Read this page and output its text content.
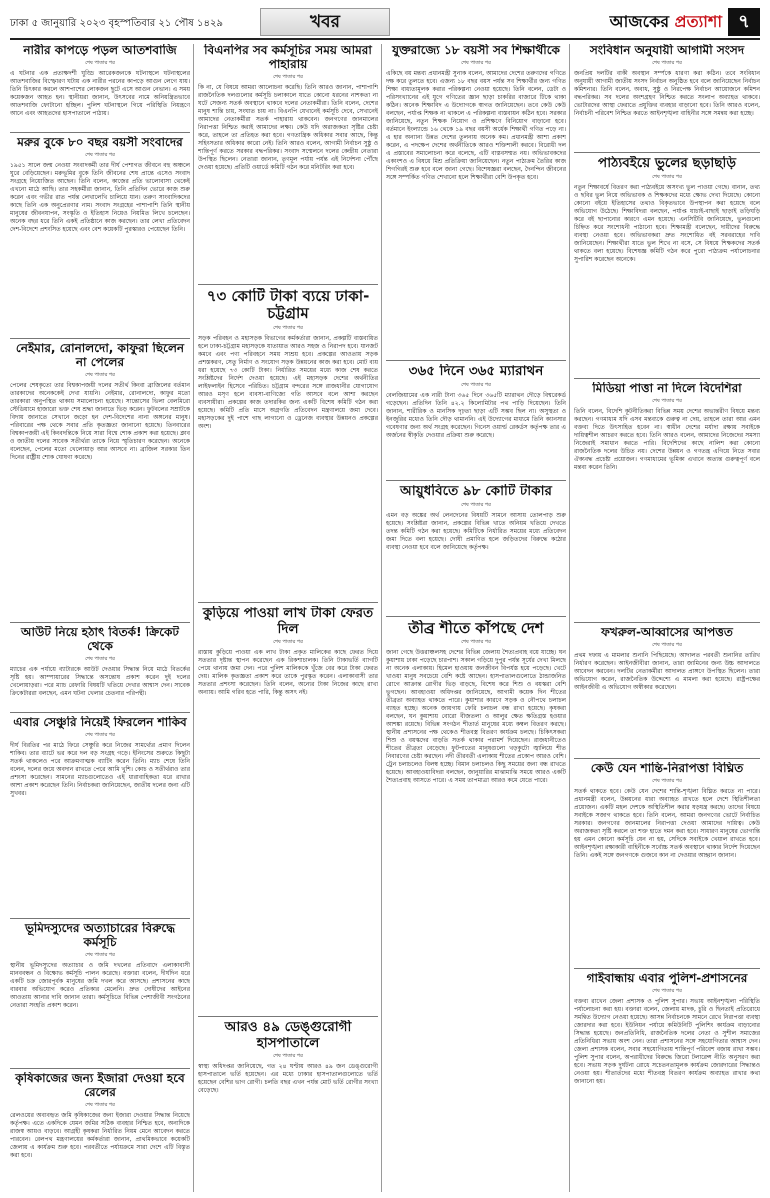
ঢাকা ৫ জানুয়ারি ২০২৩ বৃহস্পতিবার ২১ পৌষ ১৪২৯	খবর	আজকের প্রত্যাশা ৭
নারীর কাপড়ে পড়ল আতশবাজি
শেষ পাতার পর

এ ঘটনার এক প্রত্যক্ষদর্শী ঘুড্ডি আরেকজনকে ঘটনাস্থলে ঘটনাস্থলের আতশবাজির বিস্ফোরণ ঘটায় এক নারীর পরনের কাপড়ে আগুন লেগে যায়। তিনি চিৎকার করলে আশপাশের লোকজন ছুটে এসে আগুন নেভান। এ সময় কয়েকজন আহত হন। স্থানীয়রা জানান, উৎসবের নামে অনিয়ন্ত্রিতভাবে আতশবাজি ফোটানো হচ্ছিল। পুলিশ ঘটনাস্থলে গিয়ে পরিস্থিতি নিয়ন্ত্রণে আনে এবং আহতদের হাসপাতালে পাঠায়।

মরুর বুকে ৮০ বছর বয়সী সংবাদের
শেষ পাতার পর

১৯৫১ সালে জন্ম নেওয়া সংবাদকর্মী তার দীর্ঘ পেশাগত জীবনে বহু অঞ্চলে ঘুরে বেড়িয়েছেন। মরুভূমির বুকে তিনি জীবনের শেষ প্রান্তে এসেও সংবাদ সংগ্রহে নিয়োজিত আছেন। তিনি বলেন, কাজের প্রতি ভালোবাসা থেকেই এখনো মাঠে আছি। তার সহকর্মীরা জানান, তিনি প্রতিদিন ভোরে কাজ শুরু করেন এবং গভীর রাত পর্যন্ত লেখালেখি চালিয়ে যান। তরুণ সাংবাদিকদের কাছে তিনি এক অনুপ্রেরণার নাম। সংবাদ সংগ্রহের পাশাপাশি তিনি স্থানীয় মানুষের জীবনযাপন, সংস্কৃতি ও ইতিহাস নিয়েও নিয়মিত লিখে চলেছেন। অনেক বছর ধরে তিনি একই প্রতিষ্ঠানে কাজ করছেন। তার লেখা প্রতিবেদন দেশ-বিদেশে প্রশংসিত হয়েছে এবং বেশ কয়েকটি পুরস্কারও পেয়েছেন তিনি।

নেইমার, রোনালদো, কাফুরা ছিলেন না পেলের
শেষ পাতার পর

পেলের শেষকৃত্যে তার বিশ্বকাপজয়ী দলের সতীর্থ কিংবা ব্রাজিলের বর্তমান তারকাদের অনেককেই দেখা যায়নি। নেইমার, রোনালদো, কাফুর মতো তারকারা অনুপস্থিত থাকায় সমালোচনা হয়েছে। সান্তোসের ভিলা বেলমিরো স্টেডিয়ামে হাজারো ভক্ত শেষ শ্রদ্ধা জানাতে ভিড় করেন। ফুটবলের সম্রাটকে বিদায় জানাতে সেখানে জড়ো হন দেশ-বিদেশের নানা অঙ্গনের মানুষ। পরিবারের পক্ষ থেকে সবার প্রতি কৃতজ্ঞতা জানানো হয়েছে। তিনবারের বিশ্বকাপজয়ী এই কিংবদন্তিকে নিয়ে সারা বিশ্বে শোক প্রকাশ করা হয়েছে। ক্লাব ও জাতীয় দলের সাবেক সতীর্থরা তাকে নিয়ে স্মৃতিচারণ করেছেন। অনেকে বলেছেন, পেলের মতো খেলোয়াড় আর আসবে না। ব্রাজিল সরকার তিন দিনের রাষ্ট্রীয় শোক ঘোষণা করেছে।

আউট নিয়ে হঠাৎ বিতর্ক! ক্রিকেট থেকে
শেষ পাতার পর

ম্যাচের এক পর্যায়ে ব্যাটারকে আউট দেওয়ার সিদ্ধান্ত নিয়ে মাঠে বিতর্কের সৃষ্টি হয়। আম্পায়ারের সিদ্ধান্তে অসন্তোষ প্রকাশ করেন দুই দলের খেলোয়াড়রা। পরে ম্যাচ রেফারি বিষয়টি খতিয়ে দেখার আশ্বাস দেন। সাবেক ক্রিকেটাররা বলছেন, এমন ঘটনা খেলার চেতনার পরিপন্থী।

এবার সেঞ্চুরি নিয়েই ফিরলেন শাকিব
শেষ পাতার পর

দীর্ঘ বিরতির পর মাঠে ফিরে সেঞ্চুরি করে নিজের সামর্থ্যের প্রমাণ দিলেন শাকিব। তার ব্যাটে ভর করে দল বড় সংগ্রহ গড়ে। ইনিংসের শুরুতে কিছুটা সতর্ক থাকলেও পরে আক্রমণাত্মক ব্যাটিং করেন তিনি। ম্যাচ শেষে তিনি বলেন, দলের জয়ে অবদান রাখতে পেরে আমি খুশি। কোচ ও সতীর্থরাও তার প্রশংসা করেছেন। সামনের ম্যাচগুলোতেও এই ধারাবাহিকতা ধরে রাখার আশা প্রকাশ করেছেন তিনি। নির্বাচকরা জানিয়েছেন, জাতীয় দলের জন্য এটি সুখবর।

ভূমিদস্যুদের অত্যাচারের বিরুদ্ধে কর্মসূচি
শেষ পাতার পর

স্থানীয় ভূমিদস্যুদের অত্যাচার ও জমি দখলের প্রতিবাদে এলাকাবাসী মানববন্ধন ও বিক্ষোভ কর্মসূচি পালন করেছে। বক্তারা বলেন, দীর্ঘদিন ধরে একটি চক্র জোরপূর্বক মানুষের জমি দখল করে আসছে। প্রশাসনের কাছে বারবার অভিযোগ করেও প্রতিকার মেলেনি। দ্রুত দোষীদের আইনের আওতায় আনার দাবি জানান তারা। কর্মসূচিতে বিভিন্ন পেশাজীবী সংগঠনের নেতারা সংহতি প্রকাশ করেন।

কৃষিকাজের জন্য ইজারা দেওয়া হবে রেলের
শেষ পাতার পর

রেলওয়ের অব্যবহৃত জমি কৃষিকাজের জন্য ইজারা দেওয়ার সিদ্ধান্ত নিয়েছে কর্তৃপক্ষ। এতে একদিকে যেমন জমির সঠিক ব্যবহার নিশ্চিত হবে, অন্যদিকে রাজস্ব আয়ও বাড়বে। আগ্রহী কৃষকরা নির্ধারিত নিয়ম মেনে আবেদন করতে পারবেন। রেলপথ মন্ত্রণালয়ের কর্মকর্তারা জানান, প্রাথমিকভাবে কয়েকটি জেলায় এ কার্যক্রম শুরু হবে। পরবর্তীতে পর্যায়ক্রমে সারা দেশে এটি বিস্তৃত করা হবে।

বিএনপির সব কর্মসূচির সময় আমরা পাহারায়
শেষ পাতার পর

কি না, যে বিষয়ে আমরা আলোচনা করেছি। তিনি আরও জানান, পাশাপাশি রাজনৈতিক দলগুলোর কর্মসূচি চলাকালে যাতে কোনো ধরনের নাশকতা না ঘটে সেজন্য সতর্ক অবস্থানে থাকবে দলের নেতাকর্মীরা। তিনি বলেন, দেশের মানুষ শান্তি চায়, সংঘাত চায় না। বিএনপি যেখানেই কর্মসূচি দেবে, সেখানেই আমাদের নেতাকর্মীরা সতর্ক পাহারায় থাকবেন। জনগণের জানমালের নিরাপত্তা নিশ্চিত করাই আমাদের লক্ষ্য। কেউ যদি অরাজকতা সৃষ্টির চেষ্টা করে, তাহলে তা প্রতিহত করা হবে। গণতান্ত্রিক অধিকার সবার আছে, কিন্তু সহিংসতার অধিকার কারো নেই। তিনি আরও বলেন, আগামী নির্বাচন সুষ্ঠু ও শান্তিপূর্ণ করতে সরকার বদ্ধপরিকর। সংবাদ সম্মেলনে দলের কেন্দ্রীয় নেতারা উপস্থিত ছিলেন। নেতারা জানান, তৃণমূল পর্যায় পর্যন্ত এই নির্দেশনা পৌঁছে দেওয়া হয়েছে। প্রতিটি ওয়ার্ডে কমিটি গঠন করে মনিটরিং করা হবে।

৭৩ কোটি টাকা ব্যয়ে ঢাকা-চট্টগ্রাম
শেষ পাতার পর

সড়ক পরিবহন ও মহাসড়ক বিভাগের কর্মকর্তারা জানান, প্রকল্পটি বাস্তবায়িত হলে ঢাকা-চট্টগ্রাম মহাসড়কে যাতায়াত আরও সহজ ও নিরাপদ হবে। যানজট কমবে এবং পণ্য পরিবহনে সময় সাশ্রয় হবে। প্রকল্পের আওতায় সড়ক প্রশস্তকরণ, সেতু নির্মাণ ও সংযোগ সড়ক উন্নয়নের কাজ করা হবে। মোট ব্যয় ধরা হয়েছে ৭৩ কোটি টাকা। নির্ধারিত সময়ের মধ্যে কাজ শেষ করতে সংশ্লিষ্টদের নির্দেশ দেওয়া হয়েছে। এই মহাসড়ক দেশের অর্থনীতির লাইফলাইন হিসেবে পরিচিত। চট্টগ্রাম বন্দরের সঙ্গে রাজধানীর যোগাযোগ আরও মসৃণ হলে ব্যবসা-বাণিজ্যে গতি আসবে বলে আশা করছেন ব্যবসায়ীরা। প্রকল্পের কাজ তদারকির জন্য একটি বিশেষ কমিটি গঠন করা হয়েছে। কমিটি প্রতি মাসে অগ্রগতি প্রতিবেদন মন্ত্রণালয়ে জমা দেবে। মহাসড়কের দুই পাশে গাছ লাগানো ও ড্রেনেজ ব্যবস্থার উন্নয়নও প্রকল্পের অংশ।

কুড়িয়ে পাওয়া লাখ টাকা ফেরত দিল
শেষ পাতার পর

রাস্তায় কুড়িয়ে পাওয়া এক লাখ টাকা প্রকৃত মালিকের কাছে ফেরত দিয়ে সততার দৃষ্টান্ত স্থাপন করেছেন এক রিকশাচালক। তিনি টাকাভর্তি ব্যাগটি পেয়ে থানায় জমা দেন। পরে পুলিশ মালিককে খুঁজে বের করে টাকা ফেরত দেয়। মালিক কৃতজ্ঞতা প্রকাশ করে তাকে পুরস্কৃত করেন। এলাকাবাসী তার সততার প্রশংসা করেছেন। তিনি বলেন, অন্যের টাকা নিজের কাছে রাখা অন্যায়। আমি গরিব হতে পারি, কিন্তু অসৎ নই।

আরও ৪৯ ডেঙ্গুরোগী হাসপাতালে
শেষ পাতার পর

স্বাস্থ্য অধিদপ্তর জানিয়েছে, গত ২৪ ঘণ্টায় আরও ৪৯ জন ডেঙ্গুরোগী হাসপাতালে ভর্তি হয়েছেন। এর মধ্যে ঢাকার হাসপাতালগুলোতে ভর্তি হয়েছেন বেশির ভাগ রোগী। চলতি বছর এখন পর্যন্ত মোট ভর্তি রোগীর সংখ্যা বেড়েছে।

যুক্তরাজ্যে ১৮ বয়সী সব শিক্ষার্থীকে
শেষ পাতার পর

একিছে বয় মন্তব্য প্রধানমন্ত্রী সুনাক বলেন, আমাদের দেশের তরুণদের গণিতে দক্ষ করে তুলতে হবে। এজন্য ১৮ বছর বয়স পর্যন্ত সব শিক্ষার্থীর জন্য গণিত শিক্ষা বাধ্যতামূলক করার পরিকল্পনা নেওয়া হয়েছে। তিনি বলেন, ডেটা ও পরিসংখ্যানের এই যুগে গণিতের জ্ঞান ছাড়া চাকরির বাজারে টিকে থাকা কঠিন। অনেক শিক্ষাবিদ এ উদ্যোগকে স্বাগত জানিয়েছেন। তবে কেউ কেউ বলছেন, পর্যাপ্ত শিক্ষক না থাকলে এ পরিকল্পনা বাস্তবায়ন কঠিন হবে। সরকার জানিয়েছে, নতুন শিক্ষক নিয়োগ ও প্রশিক্ষণে বিনিয়োগ বাড়ানো হবে। বর্তমানে ইংল্যান্ডে ১৬ থেকে ১৯ বছর বয়সী অর্ধেক শিক্ষার্থী গণিত পড়ে না। এ হার অন্যান্য উন্নত দেশের তুলনায় অনেক কম। প্রধানমন্ত্রী আশা প্রকাশ করেন, এ পদক্ষেপ দেশের অর্থনীতিকে আরও শক্তিশালী করবে। বিরোধী দল এ প্রস্তাবের সমালোচনা করে বলেছে, এটি বাস্তবসম্মত নয়। অভিভাবকদের একাংশও এ বিষয়ে মিশ্র প্রতিক্রিয়া জানিয়েছেন। নতুন পাঠ্যক্রম তৈরির কাজ শিগগিরই শুরু হবে বলে জানা গেছে। বিশেষজ্ঞরা বলছেন, দৈনন্দিন জীবনের সঙ্গে সম্পর্কিত গণিত শেখানো হলে শিক্ষার্থীরা বেশি উপকৃত হবে।

৩৬৫ দিনে ৩৬৫ ম্যারাথন
শেষ পাতার পর

বেলজিয়ামের এক নারী টানা ৩৬৫ দিনে ৩৬৫টি ম্যারাথন দৌড়ে বিশ্বরেকর্ড গড়েছেন। প্রতিদিন তিনি ৪২.২ কিলোমিটার পথ পাড়ি দিয়েছেন। তিনি জানান, শারীরিক ও মানসিক দৃঢ়তা ছাড়া এটি সম্ভব ছিল না। অসুস্থতা ও ইনজুরির মধ্যেও তিনি দৌড় থামাননি। এই উদ্যোগের মাধ্যমে তিনি ক্যানসার গবেষণার জন্য অর্থ সংগ্রহ করেছেন। গিনেস ওয়ার্ল্ড রেকর্ডস কর্তৃপক্ষ তার এ অর্জনের স্বীকৃতি দেওয়ার প্রক্রিয়া শুরু করেছে।

আয়ুধবিতে ৯৮ কোটি টাকার
শেষ পাতার পর

এমন বড় অঙ্কের অর্থ লেনদেনের বিষয়টি সামনে আসায় তোলপাড় শুরু হয়েছে। সংশ্লিষ্টরা জানান, প্রকল্পের বিভিন্ন খাতে অনিয়ম খতিয়ে দেখতে তদন্ত কমিটি গঠন করা হয়েছে। কমিটিকে নির্ধারিত সময়ের মধ্যে প্রতিবেদন জমা দিতে বলা হয়েছে। দোষী প্রমাণিত হলে জড়িতদের বিরুদ্ধে কঠোর ব্যবস্থা নেওয়া হবে বলে জানিয়েছে কর্তৃপক্ষ।

তীব্র শীতে কাঁপছে দেশ
শেষ পাতার পর

জানা গেছে উত্তরাঞ্চলসহ দেশের বিভিন্ন জেলায় শৈত্যপ্রবাহ বয়ে যাচ্ছে। ঘন কুয়াশায় ঢাকা পড়েছে চারপাশ। সকাল গড়িয়ে দুপুর পর্যন্ত সূর্যের দেখা মিলছে না অনেক এলাকায়। হিমেল হাওয়ায় জনজীবন বিপর্যস্ত হয়ে পড়েছে। খেটে খাওয়া মানুষ সবচেয়ে বেশি কষ্টে আছেন। হাসপাতালগুলোতে ঠান্ডাজনিত রোগে আক্রান্ত রোগীর ভিড় বাড়ছে, বিশেষ করে শিশু ও বয়স্করা বেশি ভুগছেন। আবহাওয়া অধিদপ্তর জানিয়েছে, আগামী কয়েক দিন শীতের তীব্রতা অব্যাহত থাকতে পারে। কুয়াশার কারণে সড়ক ও নৌপথে চলাচল ব্যাহত হচ্ছে। অনেক জায়গায় ফেরি চলাচল বন্ধ রাখা হয়েছে। কৃষকরা বলছেন, ঘন কুয়াশায় বোরো বীজতলা ও আলুর ক্ষেত ক্ষতিগ্রস্ত হওয়ার আশঙ্কা রয়েছে। বিভিন্ন সংগঠন শীতার্ত মানুষের মধ্যে কম্বল বিতরণ করছে। স্থানীয় প্রশাসনের পক্ষ থেকেও শীতবস্ত্র বিতরণ কার্যক্রম চলছে। চিকিৎসকরা শিশু ও বয়স্কদের বাড়তি সতর্ক থাকার পরামর্শ দিয়েছেন। রাজধানীতেও শীতের তীব্রতা বেড়েছে। ফুটপাতের মানুষগুলো খড়কুটো জ্বালিয়ে শীত নিবারণের চেষ্টা করছেন। নদী তীরবর্তী এলাকায় শীতের প্রকোপ আরও বেশি। ট্রেন চলাচলেও বিলম্ব হচ্ছে। বিমান চলাচলও কিছু সময়ের জন্য বন্ধ রাখতে হয়েছে। আবহাওয়াবিদরা বলছেন, জানুয়ারির মাঝামাঝি সময়ে আরও একটি শৈত্যপ্রবাহ আসতে পারে। এ সময় তাপমাত্রা আরও কমে যেতে পারে।

সংবিধান অনুযায়ী আগামী সংসদ
শেষ পাতার পর

জনপ্রিয় দলটির বাকী অবস্থান সর্ম্পকে ধারণা করা কঠিন। তবে সংবিধান অনুযায়ী আগামী জাতীয় সংসদ নির্বাচন অনুষ্ঠিত হবে বলে জানিয়েছেন নির্বাচন কমিশনার। তিনি বলেন, অবাধ, সুষ্ঠু ও নিরপেক্ষ নির্বাচন আয়োজনে কমিশন বদ্ধপরিকর। সব দলের অংশগ্রহণ নিশ্চিত করতে সংলাপ অব্যাহত থাকবে। ভোটারদের আস্থা ফেরাতে প্রযুক্তির ব্যবহার বাড়ানো হবে। তিনি আরও বলেন, নির্বাচনী পরিবেশ নিশ্চিত করতে আইনশৃঙ্খলা বাহিনীর সঙ্গে সমন্বয় করা হচ্ছে।

পাঠ্যবইয়ে ভুলের ছড়াছড়ি
শেষ পাতার পর

নতুন শিক্ষাবর্ষে বিতরণ করা পাঠ্যবইয়ে অসংখ্য ভুল পাওয়া গেছে। বানান, তথ্য ও ছবির ভুল নিয়ে অভিভাবক ও শিক্ষকদের মধ্যে ক্ষোভ দেখা দিয়েছে। কোনো কোনো বইয়ে ইতিহাসের তথ্যও বিকৃতভাবে উপস্থাপন করা হয়েছে বলে অভিযোগ উঠেছে। শিক্ষাবিদরা বলছেন, পর্যাপ্ত যাচাই-বাছাই ছাড়াই তড়িঘড়ি করে বই ছাপানোর কারণে এমন হয়েছে। এনসিটিবি জানিয়েছে, ভুলগুলো চিহ্নিত করে সংশোধনী পাঠানো হবে। শিক্ষামন্ত্রী বলেছেন, দায়ীদের বিরুদ্ধে ব্যবস্থা নেওয়া হবে। অভিভাবকরা দ্রুত সংশোধিত বই সরবরাহের দাবি জানিয়েছেন। শিক্ষার্থীরা যাতে ভুল শিখে না বসে, সে বিষয়ে শিক্ষকদের সতর্ক থাকতে বলা হয়েছে। বিশেষজ্ঞ কমিটি গঠন করে পুরো পাঠ্যক্রম পর্যালোচনার সুপারিশ করেছেন অনেকে।

মিডিয়া পাত্তা না দিলে বিদেশিরা
শেষ পাতার পর

তিনি বলেন, বিদেশি কূটনীতিকরা বিভিন্ন সময় দেশের অভ্যন্তরীণ বিষয়ে মন্তব্য করছেন। গণমাধ্যম যদি এসব মন্তব্যকে গুরুত্ব না দেয়, তাহলে তারা আর এমন বক্তব্য দিতে উৎসাহিত হবেন না। স্বাধীন দেশের মর্যাদা রক্ষায় সবাইকে দায়িত্বশীল আচরণ করতে হবে। তিনি আরও বলেন, আমাদের নিজেদের সমস্যা নিজেরাই সমাধান করতে পারি। বিদেশিদের কাছে নালিশ করা কোনো রাজনৈতিক দলের উচিত নয়। দেশের উন্নয়ন ও গণতন্ত্র এগিয়ে নিতে সবার ঐক্যবদ্ধ প্রচেষ্টা প্রয়োজন। গণমাধ্যমের ভূমিকা এখানে অত্যন্ত গুরুত্বপূর্ণ বলে মন্তব্য করেন তিনি।

ফখরুল-আব্বাসের আপত্তত
শেষ পাতার পর

প্রথম দফায় এ মামলার শুনানি পিছিয়েছে। আদালত পরবর্তী শুনানির তারিখ নির্ধারণ করেছেন। আইনজীবীরা জানান, তারা জামিনের জন্য উচ্চ আদালতে আবেদন করবেন। দলটির নেতাকর্মীরা আদালত প্রাঙ্গণে উপস্থিত ছিলেন। তারা অভিযোগ করেন, রাজনৈতিক উদ্দেশ্যে এ মামলা করা হয়েছে। রাষ্ট্রপক্ষের আইনজীবী এ অভিযোগ অস্বীকার করেছেন।

কেউ যেন শান্তি-নিরাপত্তা বিঘ্নিত
শেষ পাতার পর

সতর্ক থাকতে হবে। কেউ যেন দেশের শান্তি-শৃঙ্খলা বিঘ্নিত করতে না পারে। প্রধানমন্ত্রী বলেন, উন্নয়নের ধারা অব্যাহত রাখতে হলে দেশে স্থিতিশীলতা প্রয়োজন। একটি মহল দেশকে অস্থিতিশীল করার ষড়যন্ত্র করছে। তাদের বিষয়ে সবাইকে সজাগ থাকতে হবে। তিনি বলেন, আমরা জনগণের ভোটে নির্বাচিত সরকার। জনগণের জানমালের নিরাপত্তা দেওয়া আমাদের দায়িত্ব। কেউ অরাজকতা সৃষ্টি করলে তা শক্ত হাতে দমন করা হবে। সাধারণ মানুষের ভোগান্তি হয় এমন কোনো কর্মসূচি যেন না হয়, সেদিকে সবাইকে খেয়াল রাখতে হবে। আইনশৃঙ্খলা রক্ষাকারী বাহিনীকে সর্বোচ্চ সতর্ক অবস্থানে থাকার নির্দেশ দিয়েছেন তিনি। একই সঙ্গে জনগণকে গুজবে কান না দেওয়ার আহ্বান জানান।

গাইবান্ধায় এবার পুলিশ-প্রশাসনের
শেষ পাতার পর

বক্তব্য রাখেন জেলা প্রশাসক ও পুলিশ সুপার। সভায় আইনশৃঙ্খলা পরিস্থিতি পর্যালোচনা করা হয়। বক্তারা বলেন, জেলায় মাদক, চুরি ও ছিনতাই প্রতিরোধে সমন্বিত উদ্যোগ নেওয়া হয়েছে। আসন্ন নির্বাচনকে সামনে রেখে নিরাপত্তা ব্যবস্থা জোরদার করা হবে। ইউনিয়ন পর্যায়ে কমিউনিটি পুলিশিং কার্যক্রম বাড়ানোর সিদ্ধান্ত হয়েছে। জনপ্রতিনিধি, রাজনৈতিক দলের নেতা ও সুশীল সমাজের প্রতিনিধিরা সভায় অংশ নেন। তারা প্রশাসনের সঙ্গে সহযোগিতার আশ্বাস দেন। জেলা প্রশাসক বলেন, সবার সহযোগিতায় শান্তিপূর্ণ পরিবেশ বজায় রাখা সম্ভব। পুলিশ সুপার বলেন, অপরাধীদের বিরুদ্ধে জিরো টলারেন্স নীতি অনুসরণ করা হবে। সভায় সড়ক দুর্ঘটনা রোধে সচেতনতামূলক কার্যক্রম জোরদারের সিদ্ধান্তও নেওয়া হয়। শীতার্তদের মধ্যে শীতবস্ত্র বিতরণ কার্যক্রম অব্যাহত রাখার কথা জানানো হয়।
